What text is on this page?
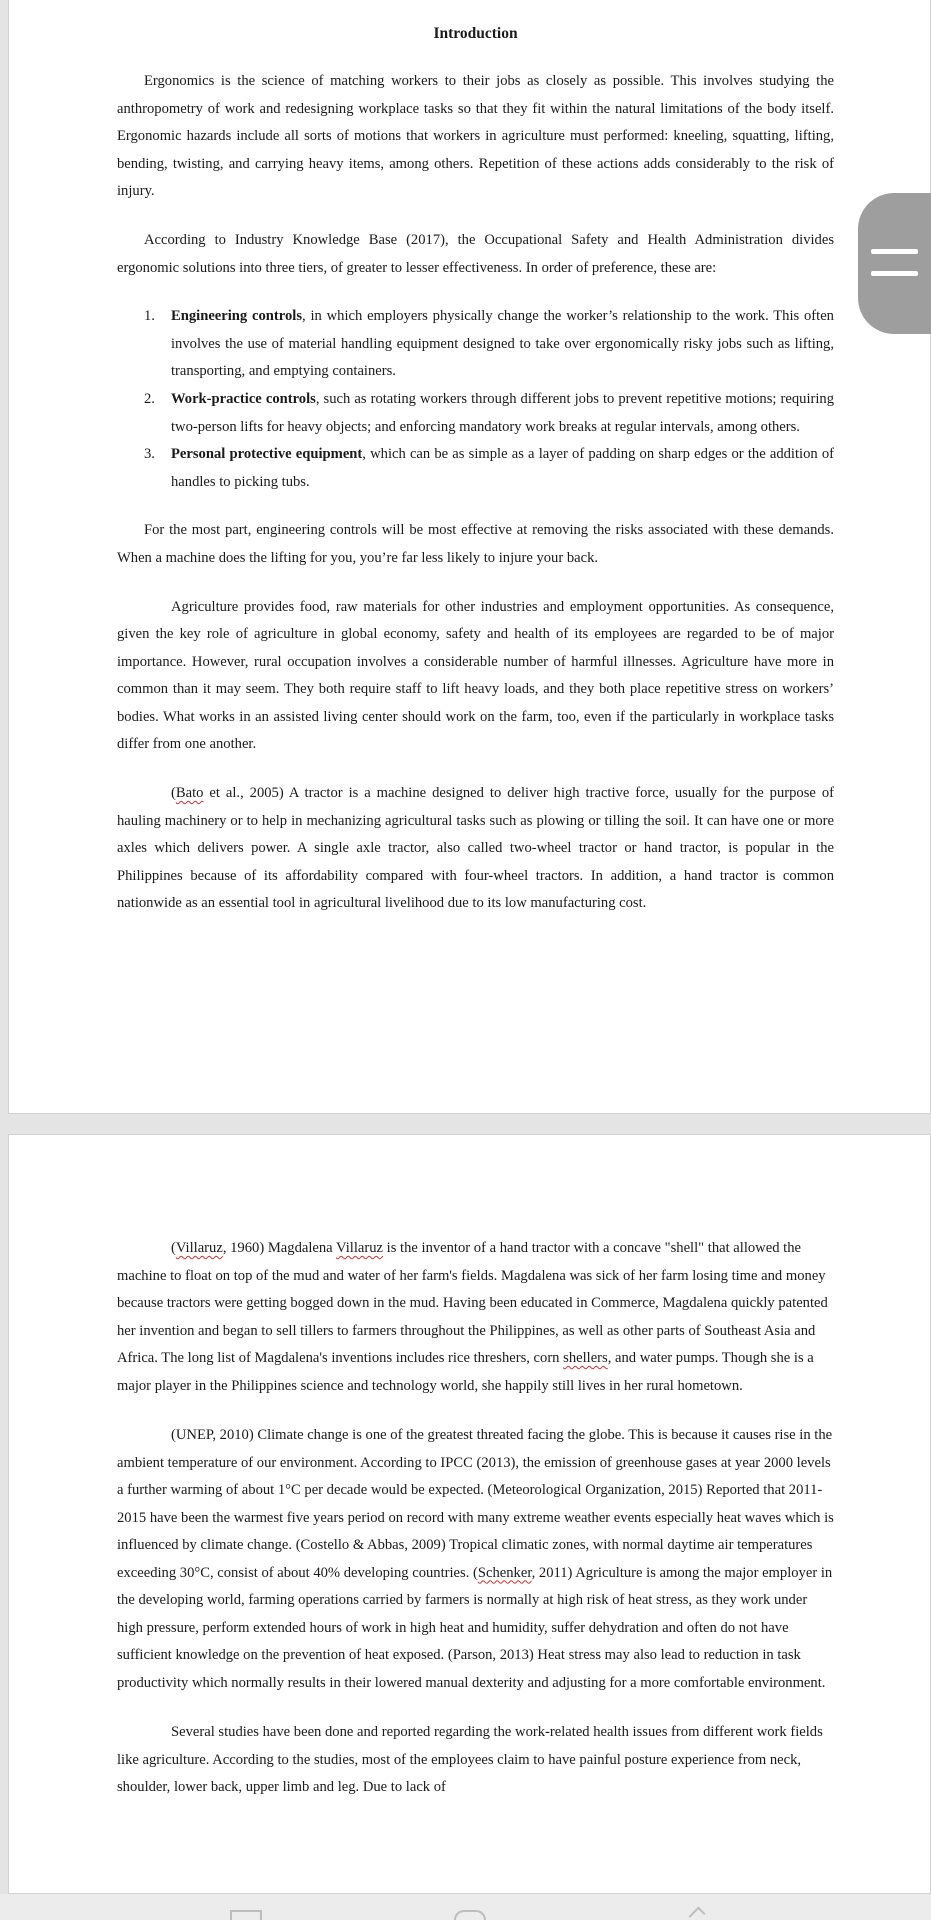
Introduction

Ergonomics is the science of matching workers to their jobs as closely as possible. This involves studying the anthropometry of work and redesigning workplace tasks so that they fit within the natural limitations of the body itself. Ergonomic hazards include all sorts of motions that workers in agriculture must performed: kneeling, squatting, lifting, bending, twisting, and carrying heavy items, among others. Repetition of these actions adds considerably to the risk of injury.

According to Industry Knowledge Base (2017), the Occupational Safety and Health Administration divides ergonomic solutions into three tiers, of greater to lesser effectiveness. In order of preference, these are:

1. Engineering controls, in which employers physically change the worker’s relationship to the work. This often involves the use of material handling equipment designed to take over ergonomically risky jobs such as lifting, transporting, and emptying containers.
2. Work-practice controls, such as rotating workers through different jobs to prevent repetitive motions; requiring two-person lifts for heavy objects; and enforcing mandatory work breaks at regular intervals, among others.
3. Personal protective equipment, which can be as simple as a layer of padding on sharp edges or the addition of handles to picking tubs.

For the most part, engineering controls will be most effective at removing the risks associated with these demands. When a machine does the lifting for you, you’re far less likely to injure your back.

Agriculture provides food, raw materials for other industries and employment opportunities. As consequence, given the key role of agriculture in global economy, safety and health of its employees are regarded to be of major importance. However, rural occupation involves a considerable number of harmful illnesses. Agriculture have more in common than it may seem. They both require staff to lift heavy loads, and they both place repetitive stress on workers’ bodies. What works in an assisted living center should work on the farm, too, even if the particularly in workplace tasks differ from one another.

(Bato et al., 2005) A tractor is a machine designed to deliver high tractive force, usually for the purpose of hauling machinery or to help in mechanizing agricultural tasks such as plowing or tilling the soil. It can have one or more axles which delivers power. A single axle tractor, also called two-wheel tractor or hand tractor, is popular in the Philippines because of its affordability compared with four-wheel tractors. In addition, a hand tractor is common nationwide as an essential tool in agricultural livelihood due to its low manufacturing cost.

(Villaruz, 1960) Magdalena Villaruz is the inventor of a hand tractor with a concave "shell" that allowed the machine to float on top of the mud and water of her farm's fields. Magdalena was sick of her farm losing time and money because tractors were getting bogged down in the mud. Having been educated in Commerce, Magdalena quickly patented her invention and began to sell tillers to farmers throughout the Philippines, as well as other parts of Southeast Asia and Africa. The long list of Magdalena's inventions includes rice threshers, corn shellers, and water pumps. Though she is a major player in the Philippines science and technology world, she happily still lives in her rural hometown.

(UNEP, 2010) Climate change is one of the greatest threated facing the globe. This is because it causes rise in the ambient temperature of our environment. According to IPCC (2013), the emission of greenhouse gases at year 2000 levels a further warming of about 1°C per decade would be expected. (Meteorological Organization, 2015) Reported that 2011-2015 have been the warmest five years period on record with many extreme weather events especially heat waves which is influenced by climate change. (Costello & Abbas, 2009) Tropical climatic zones, with normal daytime air temperatures exceeding 30°C, consist of about 40% developing countries. (Schenker, 2011) Agriculture is among the major employer in the developing world, farming operations carried by farmers is normally at high risk of heat stress, as they work under high pressure, perform extended hours of work in high heat and humidity, suffer dehydration and often do not have sufficient knowledge on the prevention of heat exposed. (Parson, 2013) Heat stress may also lead to reduction in task productivity which normally results in their lowered manual dexterity and adjusting for a more comfortable environment.

Several studies have been done and reported regarding the work-related health issues from different work fields like agriculture. According to the studies, most of the employees claim to have painful posture experience from neck, shoulder, lower back, upper limb and leg. Due to lack of
